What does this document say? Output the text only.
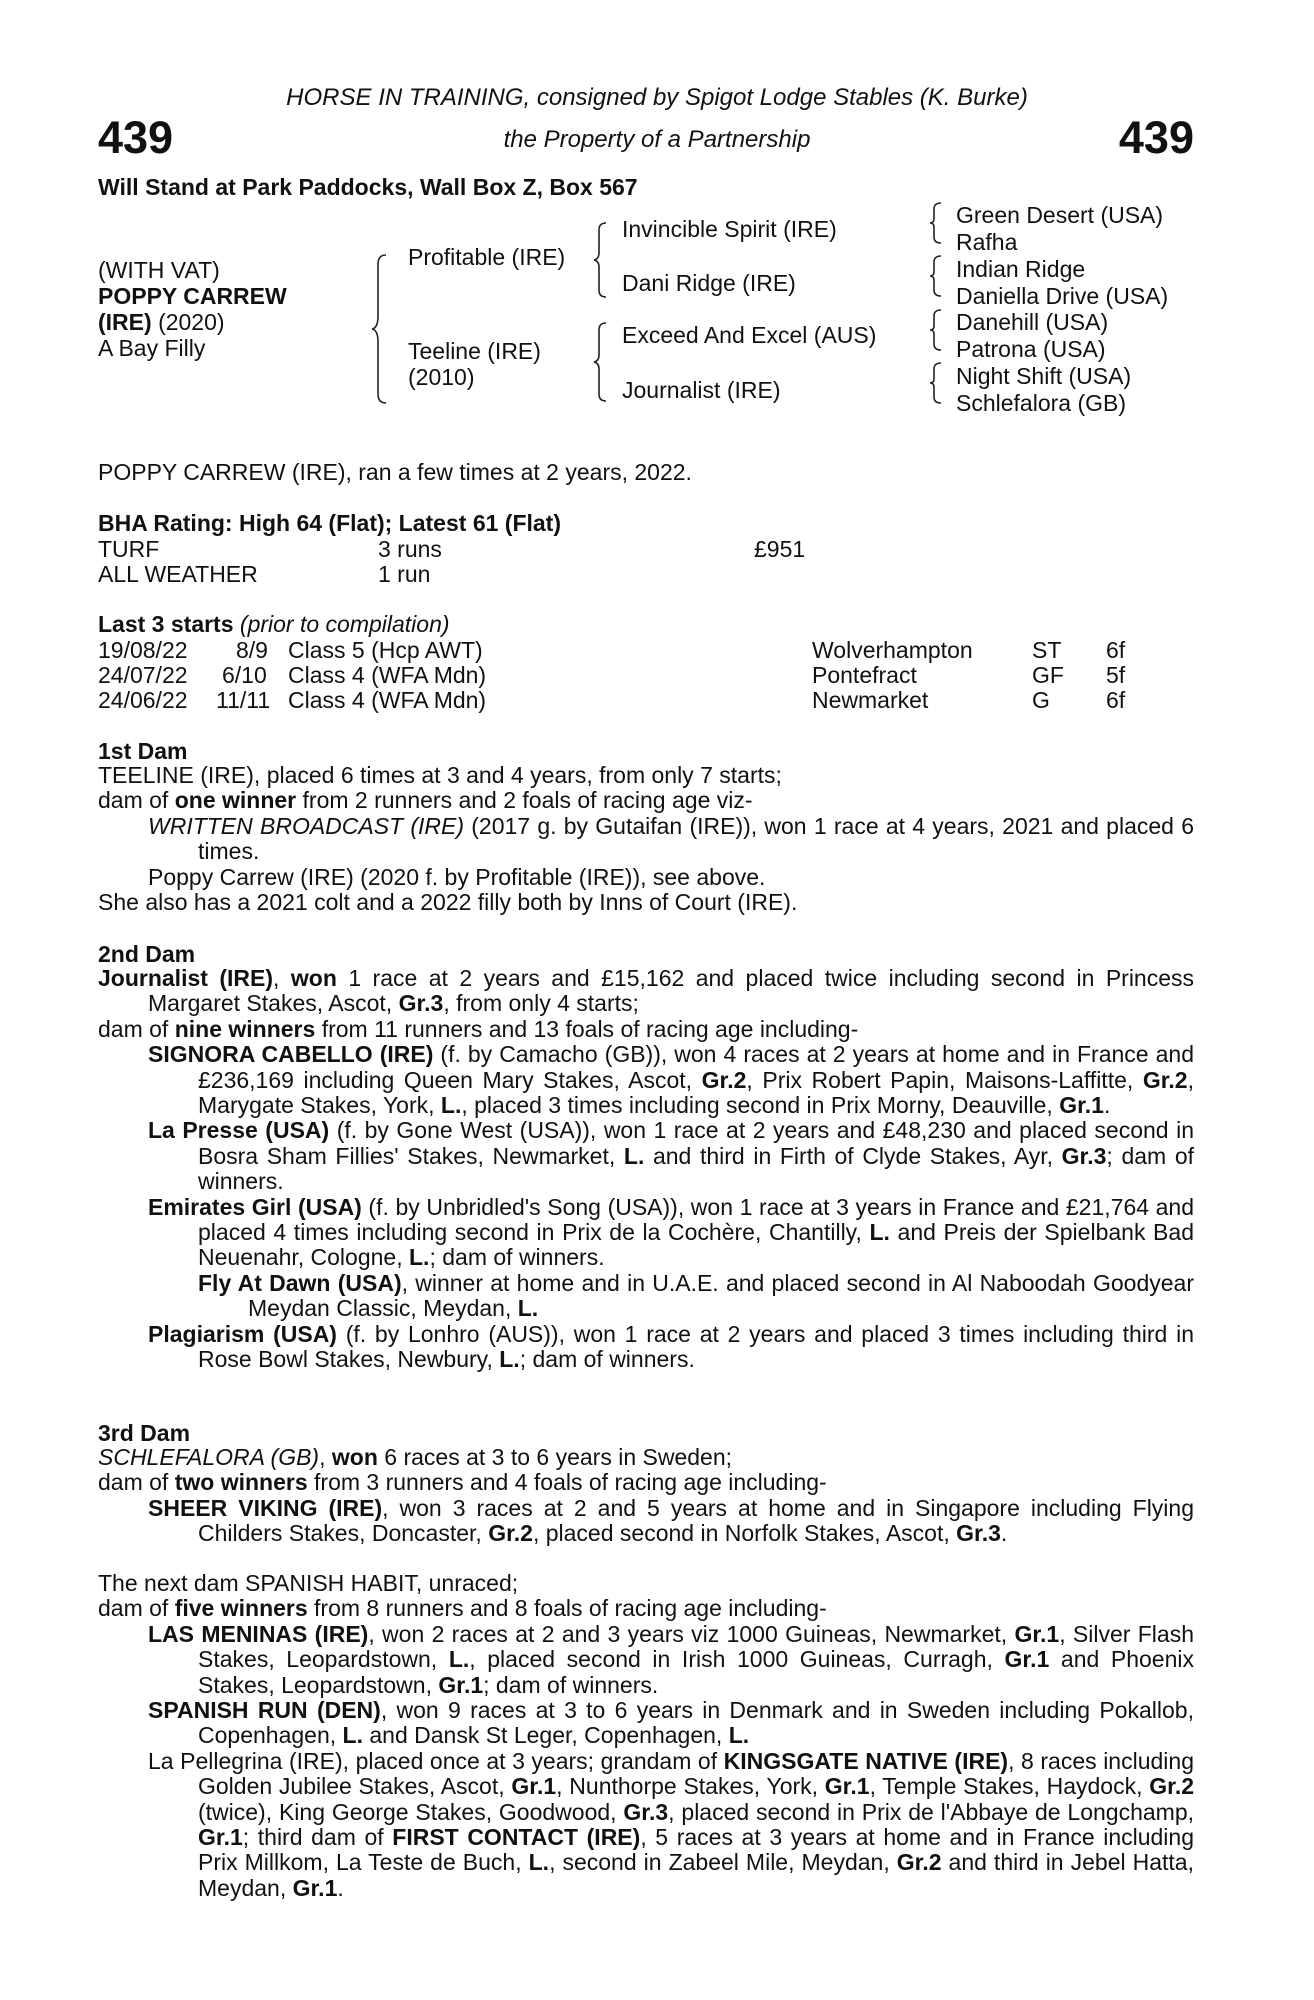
439	439
HORSE IN TRAINING, consigned by Spigot Lodge Stables (K. Burke)
the Property of a Partnership
Will Stand at Park Paddocks, Wall Box Z, Box 567
(WITH VAT)
POPPY CARREW
(IRE) (2020)
A Bay Filly
Profitable (IRE)
Teeline (IRE)
(2010)
Invincible Spirit (IRE)
Dani Ridge (IRE)
Exceed And Excel (AUS)
Journalist (IRE)
Green Desert (USA)
Rafha
Indian Ridge
Daniella Drive (USA)
Danehill (USA)
Patrona (USA)
Night Shift (USA)
Schlefalora (GB)
POPPY CARREW (IRE), ran a few times at 2 years, 2022.
BHA Rating: High 64 (Flat); Latest 61 (Flat)
TURF	3 runs	£951
ALL WEATHER	1 run
Last 3 starts (prior to compilation)
19/08/22 8/9 Class 5 (Hcp AWT)	Wolverhampton	ST 6f
24/07/22 6/10 Class 4 (WFA Mdn)	Pontefract	GF 5f
24/06/22 11/11 Class 4 (WFA Mdn)	Newmarket	G 6f
1st Dam

TEELINE (IRE), placed 6 times at 3 and 4 years, from only 7 starts;

dam of one winner from 2 runners and 2 foals of racing age viz-

WRITTEN BROADCAST (IRE) (2017 g. by Gutaifan (IRE)), won 1 race at 4 years, 2021 and placed 6 times.

Poppy Carrew (IRE) (2020 f. by Profitable (IRE)), see above.

She also has a 2021 colt and a 2022 filly both by Inns of Court (IRE).

2nd Dam

Journalist (IRE), won 1 race at 2 years and £15,162 and placed twice including second in Princess Margaret Stakes, Ascot, Gr.3, from only 4 starts;

dam of nine winners from 11 runners and 13 foals of racing age including-

SIGNORA CABELLO (IRE) (f. by Camacho (GB)), won 4 races at 2 years at home and in France and £236,169 including Queen Mary Stakes, Ascot, Gr.2, Prix Robert Papin, Maisons-Laffitte, Gr.2, Marygate Stakes, York, L., placed 3 times including second in Prix Morny, Deauville, Gr.1.

La Presse (USA) (f. by Gone West (USA)), won 1 race at 2 years and £48,230 and placed second in Bosra Sham Fillies' Stakes, Newmarket, L. and third in Firth of Clyde Stakes, Ayr, Gr.3; dam of winners.

Emirates Girl (USA) (f. by Unbridled's Song (USA)), won 1 race at 3 years in France and £21,764 and placed 4 times including second in Prix de la Cochère, Chantilly, L. and Preis der Spielbank Bad Neuenahr, Cologne, L.; dam of winners.

Fly At Dawn (USA), winner at home and in U.A.E. and placed second in Al Naboodah Goodyear Meydan Classic, Meydan, L.

Plagiarism (USA) (f. by Lonhro (AUS)), won 1 race at 2 years and placed 3 times including third in Rose Bowl Stakes, Newbury, L.; dam of winners.

3rd Dam

SCHLEFALORA (GB), won 6 races at 3 to 6 years in Sweden;

dam of two winners from 3 runners and 4 foals of racing age including-

SHEER VIKING (IRE), won 3 races at 2 and 5 years at home and in Singapore including Flying Childers Stakes, Doncaster, Gr.2, placed second in Norfolk Stakes, Ascot, Gr.3.

The next dam SPANISH HABIT, unraced;

dam of five winners from 8 runners and 8 foals of racing age including-

LAS MENINAS (IRE), won 2 races at 2 and 3 years viz 1000 Guineas, Newmarket, Gr.1, Silver Flash Stakes, Leopardstown, L., placed second in Irish 1000 Guineas, Curragh, Gr.1 and Phoenix Stakes, Leopardstown, Gr.1; dam of winners.

SPANISH RUN (DEN), won 9 races at 3 to 6 years in Denmark and in Sweden including Pokallob, Copenhagen, L. and Dansk St Leger, Copenhagen, L.

La Pellegrina (IRE), placed once at 3 years; grandam of KINGSGATE NATIVE (IRE), 8 races including Golden Jubilee Stakes, Ascot, Gr.1, Nunthorpe Stakes, York, Gr.1, Temple Stakes, Haydock, Gr.2 (twice), King George Stakes, Goodwood, Gr.3, placed second in Prix de l'Abbaye de Longchamp, Gr.1; third dam of FIRST CONTACT (IRE), 5 races at 3 years at home and in France including Prix Millkom, La Teste de Buch, L., second in Zabeel Mile, Meydan, Gr.2 and third in Jebel Hatta, Meydan, Gr.1.
